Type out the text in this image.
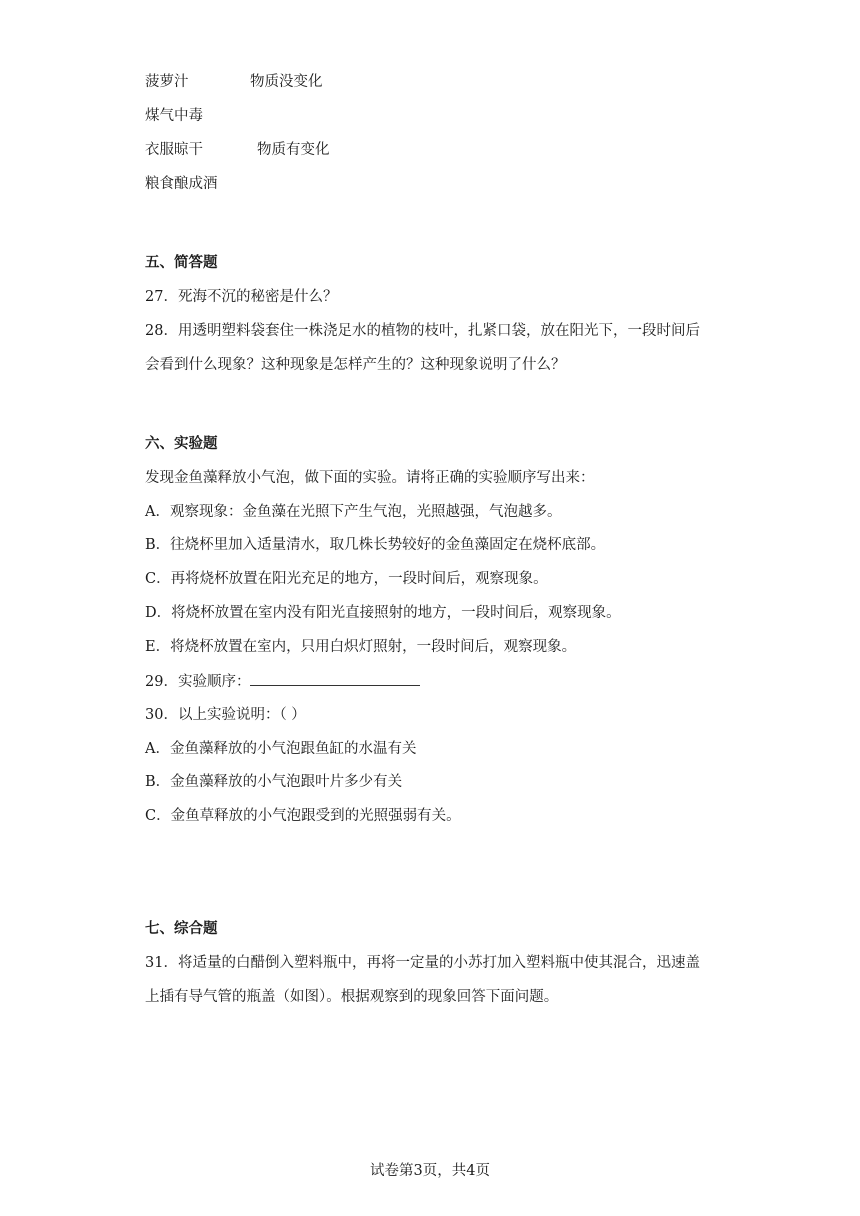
菠萝汁	物质没变化
煤气中毒
衣服晾干	物质有变化
粮食酿成酒
五、简答题
27．死海不沉的秘密是什么？
28．用透明塑料袋套住一株浇足水的植物的枝叶，扎紧口袋，放在阳光下，一段时间后
会看到什么现象？这种现象是怎样产生的？这种现象说明了什么？
六、实验题
发现金鱼藻释放小气泡，做下面的实验。请将正确的实验顺序写出来：
A．观察现象：金鱼藻在光照下产生气泡，光照越强，气泡越多。
B．往烧杯里加入适量清水，取几株长势较好的金鱼藻固定在烧杯底部。
C．再将烧杯放置在阳光充足的地方，一段时间后，观察现象。
D．将烧杯放置在室内没有阳光直接照射的地方，一段时间后，观察现象。
E．将烧杯放置在室内，只用白炽灯照射，一段时间后，观察现象。
29．实验顺序：
30．以上实验说明：（ ）
A．金鱼藻释放的小气泡跟鱼缸的水温有关
B．金鱼藻释放的小气泡跟叶片多少有关
C．金鱼草释放的小气泡跟受到的光照强弱有关。
七、综合题
31．将适量的白醋倒入塑料瓶中，再将一定量的小苏打加入塑料瓶中使其混合，迅速盖
上插有导气管的瓶盖（如图）。根据观察到的现象回答下面问题。
试卷第3页，共4页
